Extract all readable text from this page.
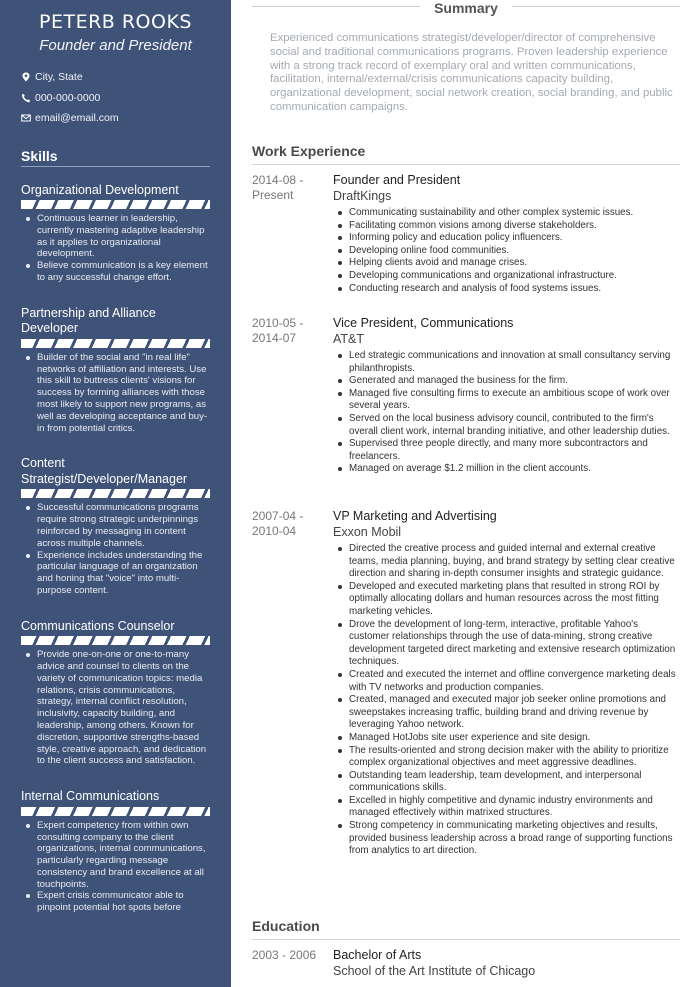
PETERB ROOKS
Founder and President
City, State
000-000-0000
email@email.com
Skills
Organizational Development
Continuous learner in leadership, currently mastering adaptive leadership as it applies to organizational development.
Believe communication is a key element to any successful change effort.
Partnership and Alliance Developer
Builder of the social and "in real life" networks of affiliation and interests. Use this skill to buttress clients' visions for success by forming alliances with those most likely to support new programs, as well as developing acceptance and buy-in from potential critics.
Content Strategist/Developer/Manager
Successful communications programs require strong strategic underpinnings reinforced by messaging in content across multiple channels.
Experience includes understanding the particular language of an organization and honing that "voice" into multi-purpose content.
Communications Counselor
Provide one-on-one or one-to-many advice and counsel to clients on the variety of communication topics: media relations, crisis communications, strategy, internal conflict resolution, inclusivity, capacity building, and leadership, among others. Known for discretion, supportive strengths-based style, creative approach, and dedication to the client success and satisfaction.
Internal Communications
Expert competency from within own consulting company to the client organizations, internal communications, particularly regarding message consistency and brand excellence at all touchpoints.
Expert crisis communicator able to pinpoint potential hot spots before
Summary
Experienced communications strategist/developer/director of comprehensive social and traditional communications programs. Proven leadership experience with a strong track record of exemplary oral and written communications, facilitation, internal/external/crisis communications capacity building, organizational development, social network creation, social branding, and public communication campaigns.
Work Experience
2014-08 - Present
Founder and President
DraftKings
Communicating sustainability and other complex systemic issues.
Facilitating common visions among diverse stakeholders.
Informing policy and education policy influencers.
Developing online food communities.
Helping clients avoid and manage crises.
Developing communications and organizational infrastructure.
Conducting research and analysis of food systems issues.
2010-05 - 2014-07
Vice President, Communications
AT&T
Led strategic communications and innovation at small consultancy serving philanthropists.
Generated and managed the business for the firm.
Managed five consulting firms to execute an ambitious scope of work over several years.
Served on the local business advisory council, contributed to the firm's overall client work, internal branding initiative, and other leadership duties.
Supervised three people directly, and many more subcontractors and freelancers.
Managed on average $1.2 million in the client accounts.
2007-04 - 2010-04
VP Marketing and Advertising
Exxon Mobil
Directed the creative process and guided internal and external creative teams, media planning, buying, and brand strategy by setting clear creative direction and sharing in-depth consumer insights and strategic guidance.
Developed and executed marketing plans that resulted in strong ROI by optimally allocating dollars and human resources across the most fitting marketing vehicles.
Drove the development of long-term, interactive, profitable Yahoo's customer relationships through the use of data-mining, strong creative development targeted direct marketing and extensive research optimization techniques.
Created and executed the internet and offline convergence marketing deals with TV networks and production companies.
Created, managed and executed major job seeker online promotions and sweepstakes increasing traffic, building brand and driving revenue by leveraging Yahoo network.
Managed HotJobs site user experience and site design.
The results-oriented and strong decision maker with the ability to prioritize complex organizational objectives and meet aggressive deadlines.
Outstanding team leadership, team development, and interpersonal communications skills.
Excelled in highly competitive and dynamic industry environments and managed effectively within matrixed structures.
Strong competency in communicating marketing objectives and results, provided business leadership across a broad range of supporting functions from analytics to art direction.
Education
2003 - 2006	Bachelor of Arts
School of the Art Institute of Chicago
